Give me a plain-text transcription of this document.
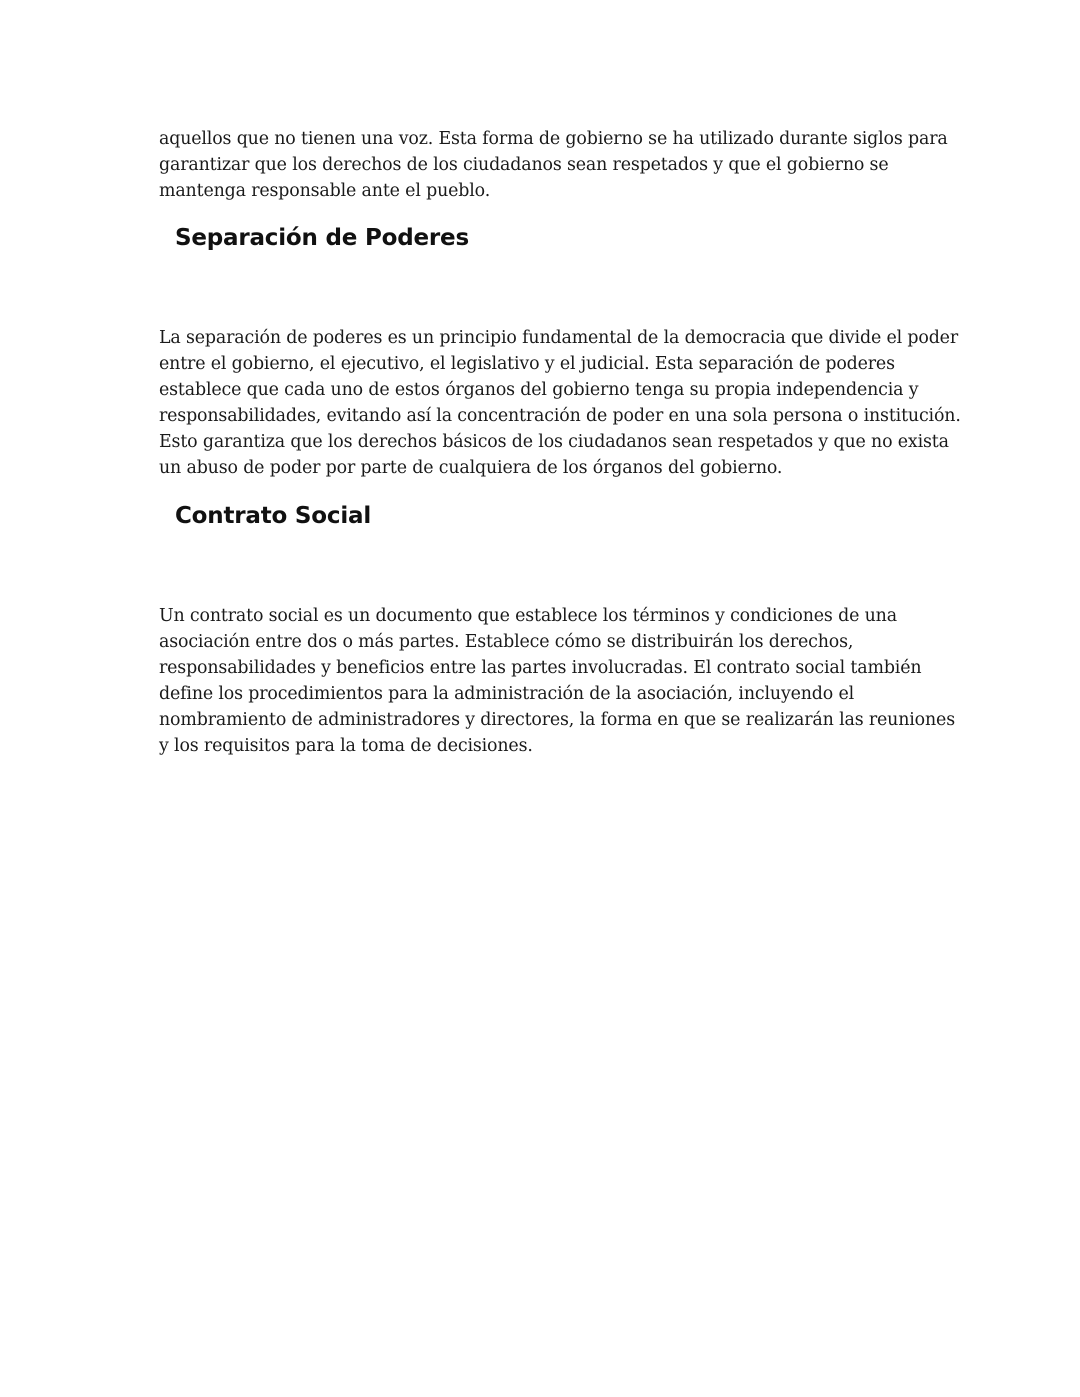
aquellos que no tienen una voz. Esta forma de gobierno se ha utilizado durante siglos para
garantizar que los derechos de los ciudadanos sean respetados y que el gobierno se
mantenga responsable ante el pueblo.

Separación de Poderes

La separación de poderes es un principio fundamental de la democracia que divide el poder
entre el gobierno, el ejecutivo, el legislativo y el judicial. Esta separación de poderes
establece que cada uno de estos órganos del gobierno tenga su propia independencia y
responsabilidades, evitando así la concentración de poder en una sola persona o institución.
Esto garantiza que los derechos básicos de los ciudadanos sean respetados y que no exista
un abuso de poder por parte de cualquiera de los órganos del gobierno.

Contrato Social

Un contrato social es un documento que establece los términos y condiciones de una
asociación entre dos o más partes. Establece cómo se distribuirán los derechos,
responsabilidades y beneficios entre las partes involucradas. El contrato social también
define los procedimientos para la administración de la asociación, incluyendo el
nombramiento de administradores y directores, la forma en que se realizarán las reuniones
y los requisitos para la toma de decisiones.
